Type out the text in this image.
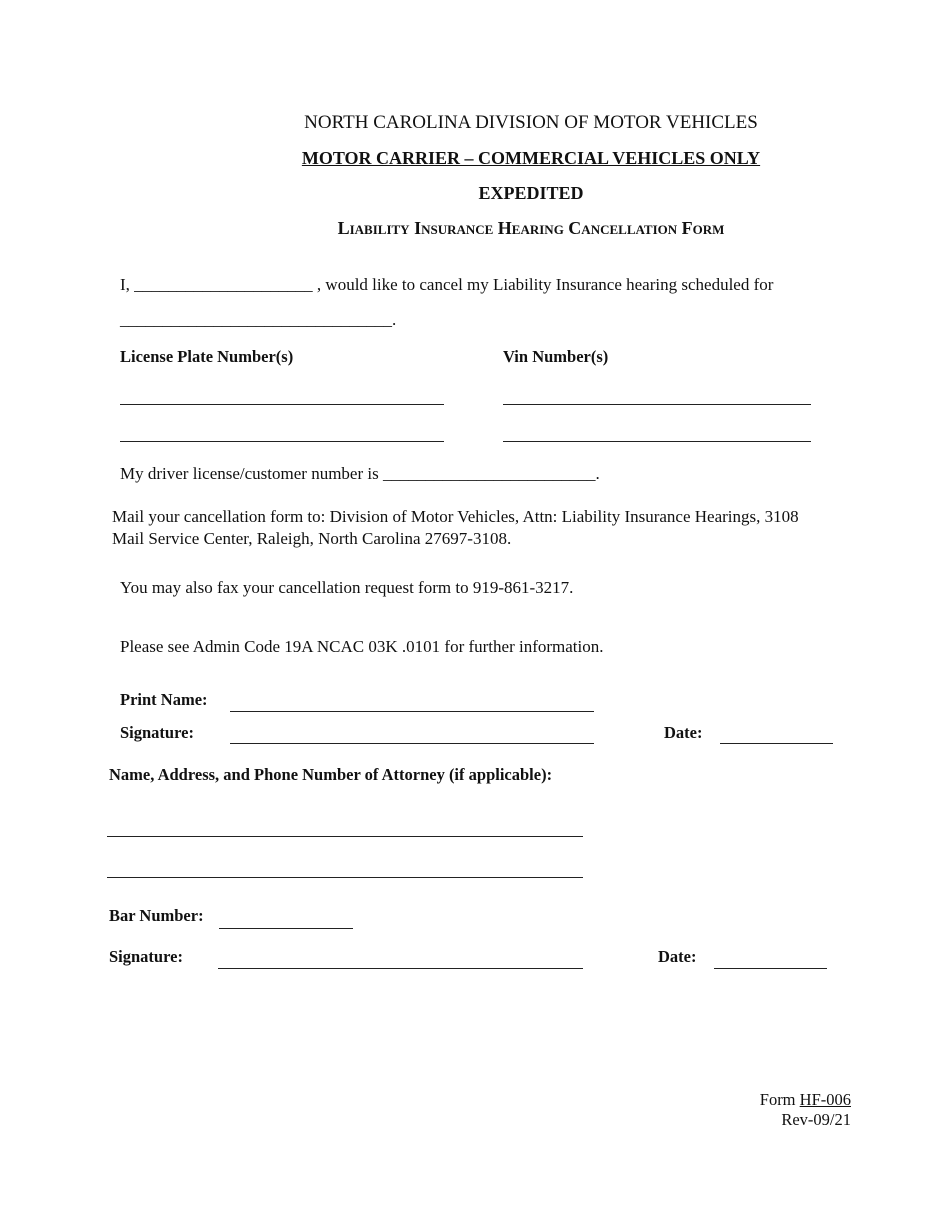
NORTH CAROLINA DIVISION OF MOTOR VEHICLES
MOTOR CARRIER – COMMERCIAL VEHICLES ONLY
EXPEDITED
Liability Insurance Hearing Cancellation Form
I, _____________________ , would like to cancel my Liability Insurance hearing scheduled for
________________________________.
License Plate Number(s)	Vin Number(s)
My driver license/customer number is _________________________.
Mail your cancellation form to: Division of Motor Vehicles, Attn: Liability Insurance Hearings, 3108
Mail Service Center, Raleigh, North Carolina 27697-3108.
You may also fax your cancellation request form to 919-861-3217.
Please see Admin Code 19A NCAC 03K .0101 for further information.
Print Name:
Signature:	Date:
Name, Address, and Phone Number of Attorney (if applicable):
Bar Number:
Signature:	Date:
Form HF-006
Rev-09/21
